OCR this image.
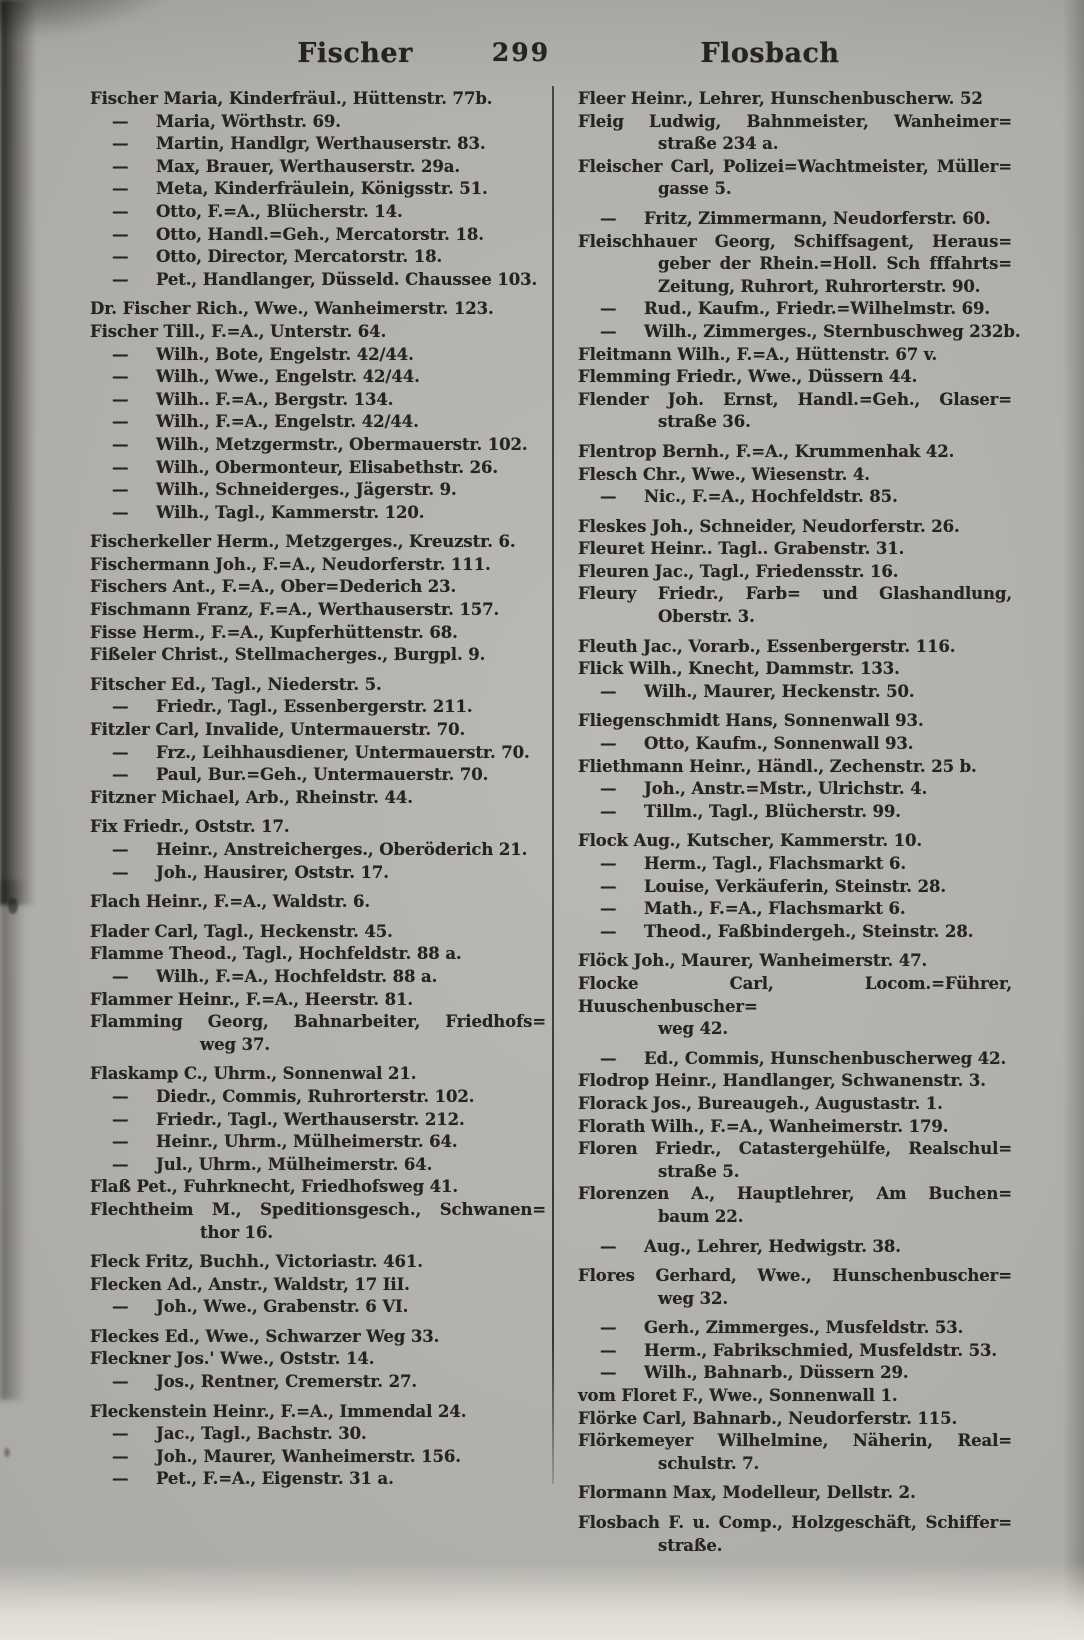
Fischer	299	Flosbach
Fischer Maria, Kinderfräul., Hüttenstr. 77b.
— Maria, Wörthstr. 69.
— Martin, Handlgr, Werthauserstr. 83.
— Max, Brauer, Werthauserstr. 29a.
— Meta, Kinderfräulein, Königsstr. 51.
— Otto, F.=A., Blücherstr. 14.
— Otto, Handl.=Geh., Mercatorstr. 18.
— Otto, Director, Mercatorstr. 18.
— Pet., Handlanger, Düsseld. Chaussee 103.
Dr. Fischer Rich., Wwe., Wanheimerstr. 123.
Fischer Till., F.=A., Unterstr. 64.
— Wilh., Bote, Engelstr. 42/44.
— Wilh., Wwe., Engelstr. 42/44.
— Wilh.. F.=A., Bergstr. 134.
— Wilh., F.=A., Engelstr. 42/44.
— Wilh., Metzgermstr., Obermauerstr. 102.
— Wilh., Obermonteur, Elisabethstr. 26.
— Wilh., Schneiderges., Jägerstr. 9.
— Wilh., Tagl., Kammerstr. 120.
Fischerkeller Herm., Metzgerges., Kreuzstr. 6.
Fischermann Joh., F.=A., Neudorferstr. 111.
Fischers Ant., F.=A., Ober=Dederich 23.
Fischmann Franz, F.=A., Werthauserstr. 157.
Fisse Herm., F.=A., Kupferhüttenstr. 68.
Fißeler Christ., Stellmacherges., Burgpl. 9.
Fitscher Ed., Tagl., Niederstr. 5.
— Friedr., Tagl., Essenbergerstr. 211.
Fitzler Carl, Invalide, Untermauerstr. 70.
— Frz., Leihhausdiener, Untermauerstr. 70.
— Paul, Bur.=Geh., Untermauerstr. 70.
Fitzner Michael, Arb., Rheinstr. 44.
Fix Friedr., Oststr. 17.
— Heinr., Anstreicherges., Oberöderich 21.
— Joh., Hausirer, Oststr. 17.
Flach Heinr., F.=A., Waldstr. 6.
Flader Carl, Tagl., Heckenstr. 45.
Flamme Theod., Tagl., Hochfeldstr. 88 a.
— Wilh., F.=A., Hochfeldstr. 88 a.
Flammer Heinr., F.=A., Heerstr. 81.
Flamming Georg, Bahnarbeiter, Friedhofs=
weg 37.
Flaskamp C., Uhrm., Sonnenwal 21.
— Diedr., Commis, Ruhrorterstr. 102.
— Friedr., Tagl., Werthauserstr. 212.
— Heinr., Uhrm., Mülheimerstr. 64.
— Jul., Uhrm., Mülheimerstr. 64.
Flaß Pet., Fuhrknecht, Friedhofsweg 41.
Flechtheim M., Speditionsgesch., Schwanen=
thor 16.
Fleck Fritz, Buchh., Victoriastr. 461.
Flecken Ad., Anstr., Waldstr, 17 IiI.
— Joh., Wwe., Grabenstr. 6 VI.
Fleckes Ed., Wwe., Schwarzer Weg 33.
Fleckner Jos.' Wwe., Oststr. 14.
— Jos., Rentner, Cremerstr. 27.
Fleckenstein Heinr., F.=A., Immendal 24.
— Jac., Tagl., Bachstr. 30.
— Joh., Maurer, Wanheimerstr. 156.
— Pet., F.=A., Eigenstr. 31 a.
Fleer Heinr., Lehrer, Hunschenbuscherw. 52
Fleig Ludwig, Bahnmeister, Wanheimer=
straße 234 a.
Fleischer Carl, Polizei=Wachtmeister, Müller=
gasse 5.
— Fritz, Zimmermann, Neudorferstr. 60.
Fleischhauer Georg, Schiffsagent, Heraus=
geber der Rhein.=Holl. Sch fffahrts=
Zeitung, Ruhrort, Ruhrorterstr. 90.
— Rud., Kaufm., Friedr.=Wilhelmstr. 69.
— Wilh., Zimmerges., Sternbuschweg 232b.
Fleitmann Wilh., F.=A., Hüttenstr. 67 v.
Flemming Friedr., Wwe., Düssern 44.
Flender Joh. Ernst, Handl.=Geh., Glaser=
straße 36.
Flentrop Bernh., F.=A., Krummenhak 42.
Flesch Chr., Wwe., Wiesenstr. 4.
— Nic., F.=A., Hochfeldstr. 85.
Fleskes Joh., Schneider, Neudorferstr. 26.
Fleuret Heinr.. Tagl.. Grabenstr. 31.
Fleuren Jac., Tagl., Friedensstr. 16.
Fleury Friedr., Farb= und Glashandlung,
Oberstr. 3.
Fleuth Jac., Vorarb., Essenbergerstr. 116.
Flick Wilh., Knecht, Dammstr. 133.
— Wilh., Maurer, Heckenstr. 50.
Fliegenschmidt Hans, Sonnenwall 93.
— Otto, Kaufm., Sonnenwall 93.
Fliethmann Heinr., Händl., Zechenstr. 25 b.
— Joh., Anstr.=Mstr., Ulrichstr. 4.
— Tillm., Tagl., Blücherstr. 99.
Flock Aug., Kutscher, Kammerstr. 10.
— Herm., Tagl., Flachsmarkt 6.
— Louise, Verkäuferin, Steinstr. 28.
— Math., F.=A., Flachsmarkt 6.
— Theod., Faßbindergeh., Steinstr. 28.
Flöck Joh., Maurer, Wanheimerstr. 47.
Flocke Carl, Locom.=Führer, Huuschenbuscher=
weg 42.
— Ed., Commis, Hunschenbuscherweg 42.
Flodrop Heinr., Handlanger, Schwanenstr. 3.
Florack Jos., Bureaugeh., Augustastr. 1.
Florath Wilh., F.=A., Wanheimerstr. 179.
Floren Friedr., Catastergehülfe, Realschul=
straße 5.
Florenzen A., Hauptlehrer, Am Buchen=
baum 22.
— Aug., Lehrer, Hedwigstr. 38.
Flores Gerhard, Wwe., Hunschenbuscher=
weg 32.
— Gerh., Zimmerges., Musfeldstr. 53.
— Herm., Fabrikschmied, Musfeldstr. 53.
— Wilh., Bahnarb., Düssern 29.
vom Floret F., Wwe., Sonnenwall 1.
Flörke Carl, Bahnarb., Neudorferstr. 115.
Flörkemeyer Wilhelmine, Näherin, Real=
schulstr. 7.
Flormann Max, Modelleur, Dellstr. 2.
Flosbach F. u. Comp., Holzgeschäft, Schiffer=
straße.
